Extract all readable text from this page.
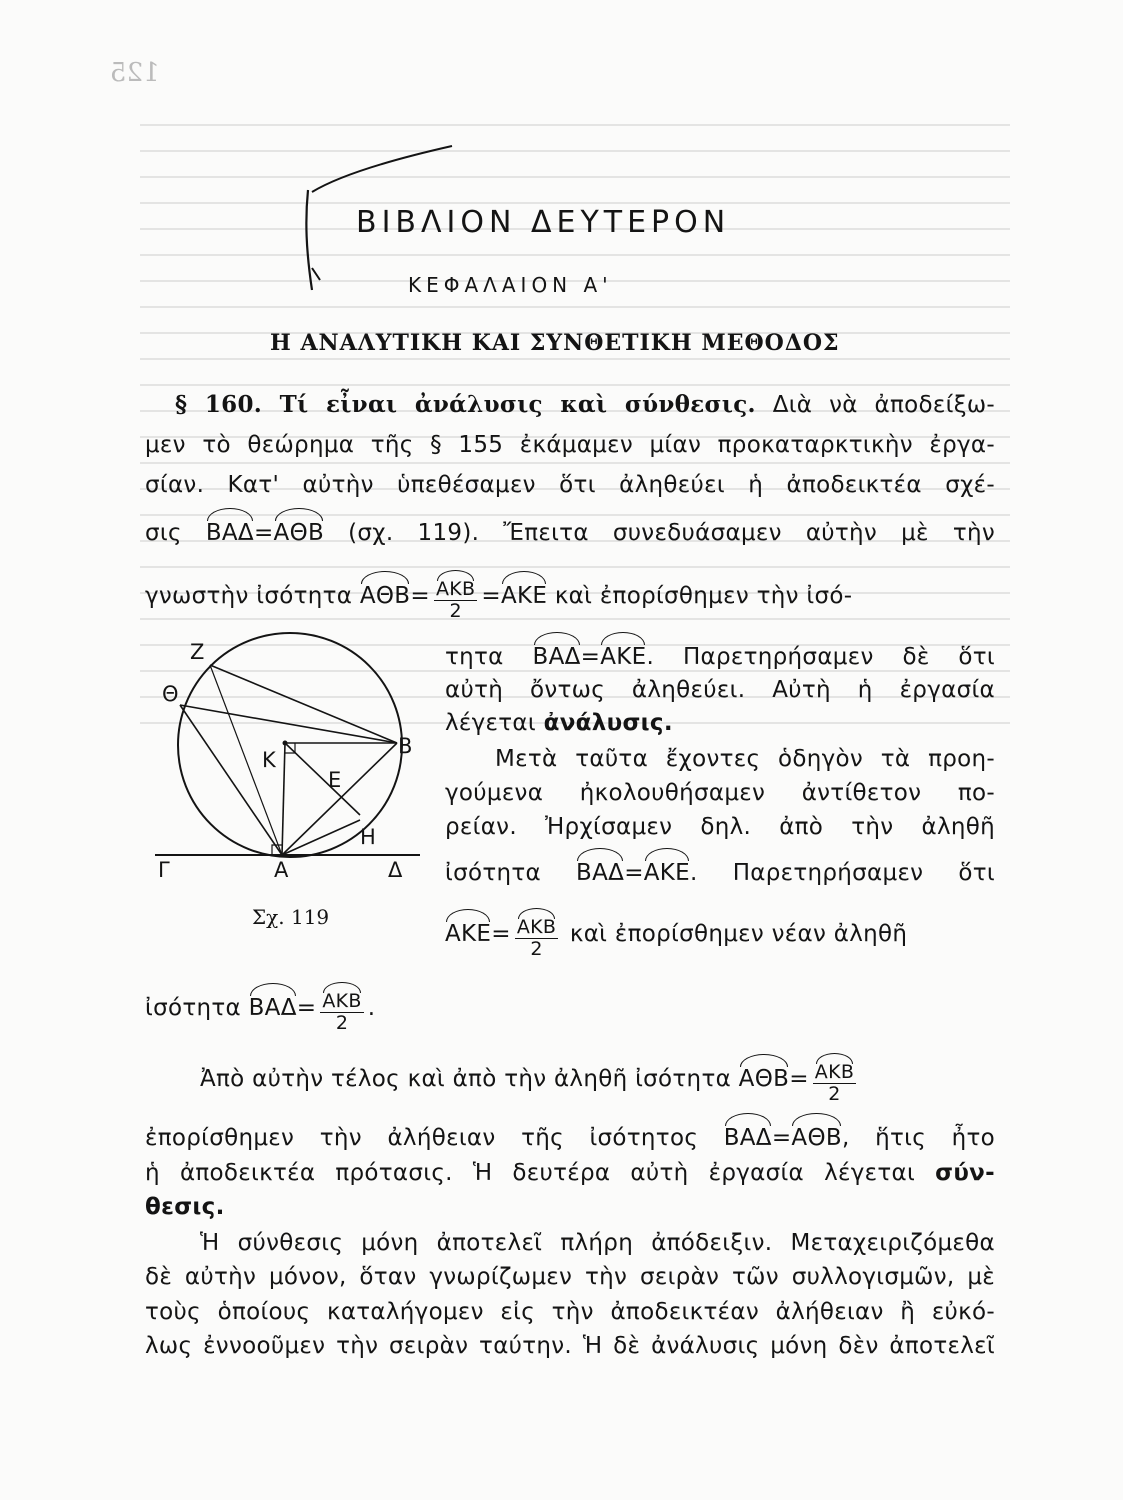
125
ΒΙΒΛΙΟΝ ΔΕΥΤΕΡΟΝ
ΚΕΦΑΛΑΙΟΝ Α'
Η ΑΝΑΛΥΤΙΚΗ ΚΑΙ ΣΥΝΘΕΤΙΚΗ ΜΕΘΟΔΟΣ
§ 160. Τί εἶναι ἀνάλυσις καὶ σύνθεσις. Διὰ νὰ ἀποδείξω-
μεν τὸ θεώρημα τῆς § 155 ἐκάμαμεν μίαν προκαταρκτικὴν ἐργα-
σίαν. Κατ' αὐτὴν ὑπεθέσαμεν ὅτι ἀληθεύει ἡ ἀποδεικτέα σχέ-
σις ΒΑΔ=ΑΘΒ (σχ. 119). Ἔπειτα συνεδυάσαμεν αὐτὴν μὲ τὴν
γνωστὴν ἰσότητα $A\Theta B= \frac{\text{ΑΚΒ}}{2} =AKE$ καὶ ἐπορίσθημεν τὴν ἰσό-
Ζ
Θ
Κ
Β
Ε
Η
Γ	Α	Δ
Σχ. 119
τητα ΒΑΔ=ΑΚΕ. Παρετηρήσαμεν δὲ ὅτι
αὐτὴ ὄντως ἀληθεύει. Αὐτὴ ἡ ἐργασία
λέγεται ἀνάλυσις.
Μετὰ ταῦτα ἔχοντες ὁδηγὸν τὰ προη-
γούμενα ἠκολουθήσαμεν ἀντίθετον πο-
ρείαν. Ἠρχίσαμεν δηλ. ἀπὸ τὴν ἀληθῆ
ἰσότητα ΒΑΔ=ΑΚΕ. Παρετηρήσαμεν ὅτι
$AKE= \frac{\text{ΑΚΒ}}{2}$ καὶ ἐπορίσθημεν νέαν ἀληθῆ
ἰσότητα $BA\Delta= \frac{\text{ΑΚΒ}}{2}$ .
Ἀπὸ αὐτὴν τέλος καὶ ἀπὸ τὴν ἀληθῆ ἰσότητα $A\Theta B= \frac{\text{ΑΚΒ}}{2}$
ἐπορίσθημεν τὴν ἀλήθειαν τῆς ἰσότητος ΒΑΔ=ΑΘΒ, ἥτις ἦτο
ἡ ἀποδεικτέα πρότασις. Ἡ δευτέρα αὐτὴ ἐργασία λέγεται σύν-
θεσις.
Ἡ σύνθεσις μόνη ἀποτελεῖ πλήρη ἀπόδειξιν. Μεταχειριζόμεθα
δὲ αὐτὴν μόνον, ὅταν γνωρίζωμεν τὴν σειρὰν τῶν συλλογισμῶν, μὲ
τοὺς ὁποίους καταλήγομεν εἰς τὴν ἀποδεικτέαν ἀλήθειαν ἢ εὐκό-
λως ἐννοοῦμεν τὴν σειρὰν ταύτην. Ἡ δὲ ἀνάλυσις μόνη δὲν ἀποτελεῖ
